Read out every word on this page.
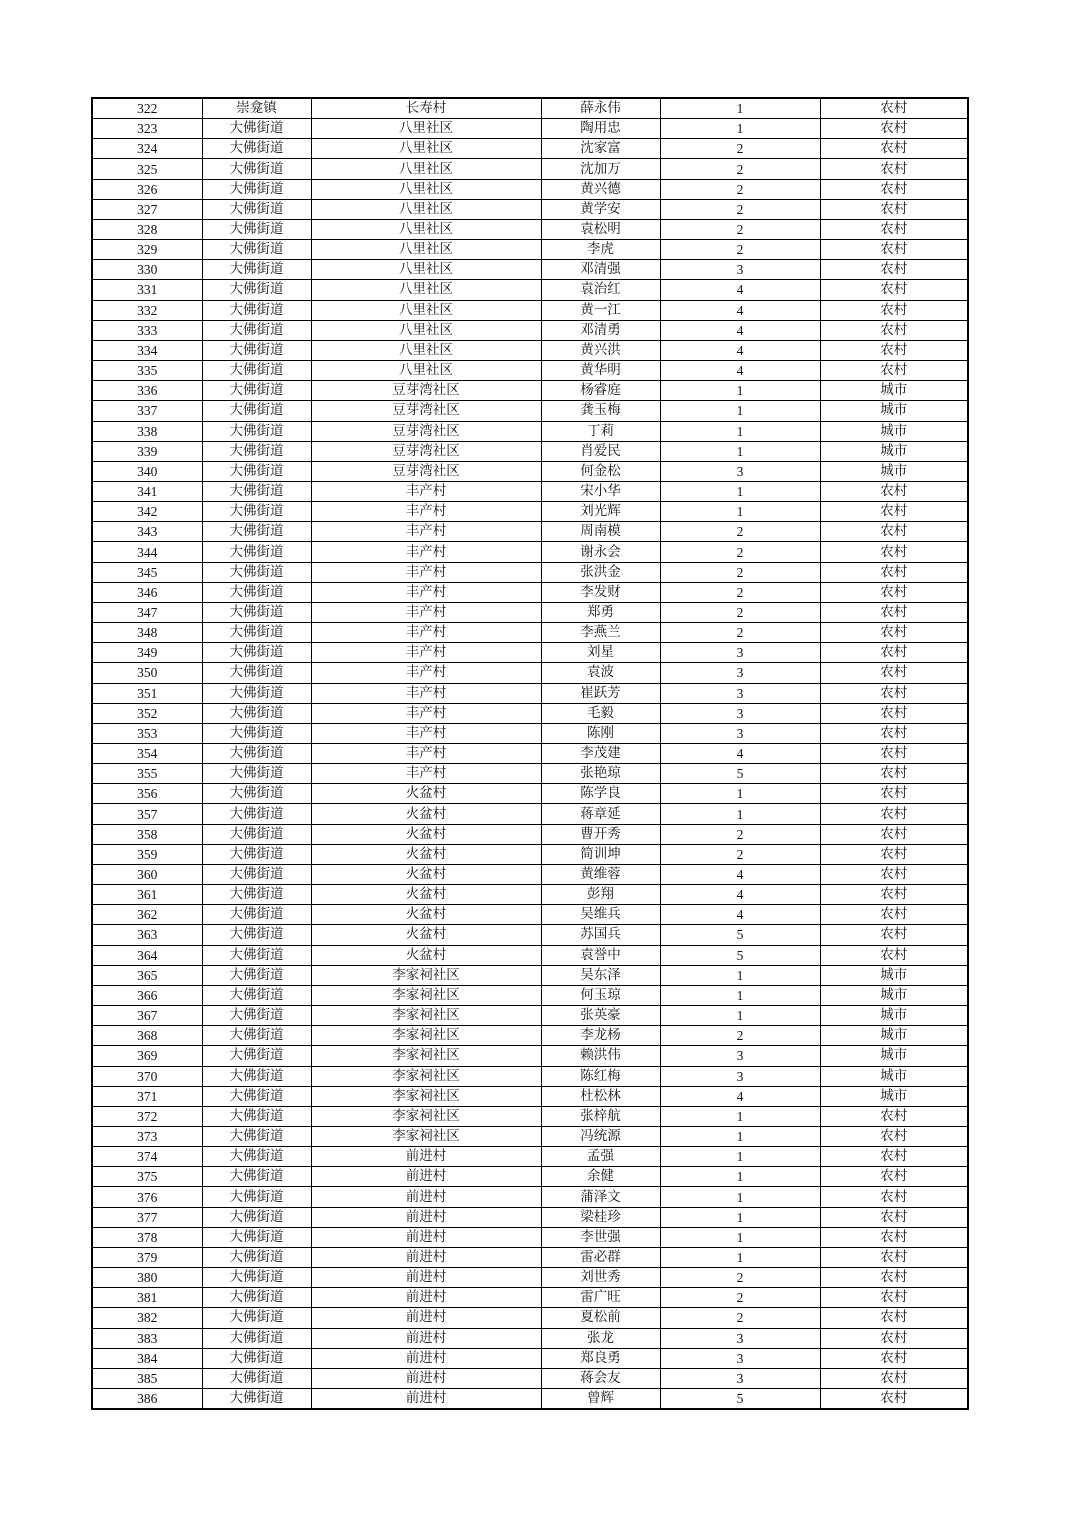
322	崇龛镇	长寿村	薛永伟	1	农村
323	大佛街道	八里社区	陶用忠	1	农村
324	大佛街道	八里社区	沈家富	2	农村
325	大佛街道	八里社区	沈加万	2	农村
326	大佛街道	八里社区	黄兴德	2	农村
327	大佛街道	八里社区	黄学安	2	农村
328	大佛街道	八里社区	袁松明	2	农村
329	大佛街道	八里社区	李虎	2	农村
330	大佛街道	八里社区	邓清强	3	农村
331	大佛街道	八里社区	袁治红	4	农村
332	大佛街道	八里社区	黄一江	4	农村
333	大佛街道	八里社区	邓清勇	4	农村
334	大佛街道	八里社区	黄兴洪	4	农村
335	大佛街道	八里社区	黄华明	4	农村
336	大佛街道	豆芽湾社区	杨睿庭	1	城市
337	大佛街道	豆芽湾社区	龚玉梅	1	城市
338	大佛街道	豆芽湾社区	丁莉	1	城市
339	大佛街道	豆芽湾社区	肖爱民	1	城市
340	大佛街道	豆芽湾社区	何金松	3	城市
341	大佛街道	丰产村	宋小华	1	农村
342	大佛街道	丰产村	刘光辉	1	农村
343	大佛街道	丰产村	周南模	2	农村
344	大佛街道	丰产村	谢永会	2	农村
345	大佛街道	丰产村	张洪金	2	农村
346	大佛街道	丰产村	李发财	2	农村
347	大佛街道	丰产村	郑勇	2	农村
348	大佛街道	丰产村	李燕兰	2	农村
349	大佛街道	丰产村	刘星	3	农村
350	大佛街道	丰产村	袁波	3	农村
351	大佛街道	丰产村	崔跃芳	3	农村
352	大佛街道	丰产村	毛毅	3	农村
353	大佛街道	丰产村	陈刚	3	农村
354	大佛街道	丰产村	李茂建	4	农村
355	大佛街道	丰产村	张艳琼	5	农村
356	大佛街道	火盆村	陈学良	1	农村
357	大佛街道	火盆村	蒋章延	1	农村
358	大佛街道	火盆村	曹开秀	2	农村
359	大佛街道	火盆村	简训坤	2	农村
360	大佛街道	火盆村	黄维蓉	4	农村
361	大佛街道	火盆村	彭翔	4	农村
362	大佛街道	火盆村	吴维兵	4	农村
363	大佛街道	火盆村	苏国兵	5	农村
364	大佛街道	火盆村	袁誉中	5	农村
365	大佛街道	李家祠社区	吴东泽	1	城市
366	大佛街道	李家祠社区	何玉琼	1	城市
367	大佛街道	李家祠社区	张英豪	1	城市
368	大佛街道	李家祠社区	李龙杨	2	城市
369	大佛街道	李家祠社区	赖洪伟	3	城市
370	大佛街道	李家祠社区	陈红梅	3	城市
371	大佛街道	李家祠社区	杜松林	4	城市
372	大佛街道	李家祠社区	张梓航	1	农村
373	大佛街道	李家祠社区	冯统源	1	农村
374	大佛街道	前进村	孟强	1	农村
375	大佛街道	前进村	余健	1	农村
376	大佛街道	前进村	蒲泽文	1	农村
377	大佛街道	前进村	梁桂珍	1	农村
378	大佛街道	前进村	李世强	1	农村
379	大佛街道	前进村	雷必群	1	农村
380	大佛街道	前进村	刘世秀	2	农村
381	大佛街道	前进村	雷广旺	2	农村
382	大佛街道	前进村	夏松前	2	农村
383	大佛街道	前进村	张龙	3	农村
384	大佛街道	前进村	郑良勇	3	农村
385	大佛街道	前进村	蒋会友	3	农村
386	大佛街道	前进村	曾辉	5	农村
